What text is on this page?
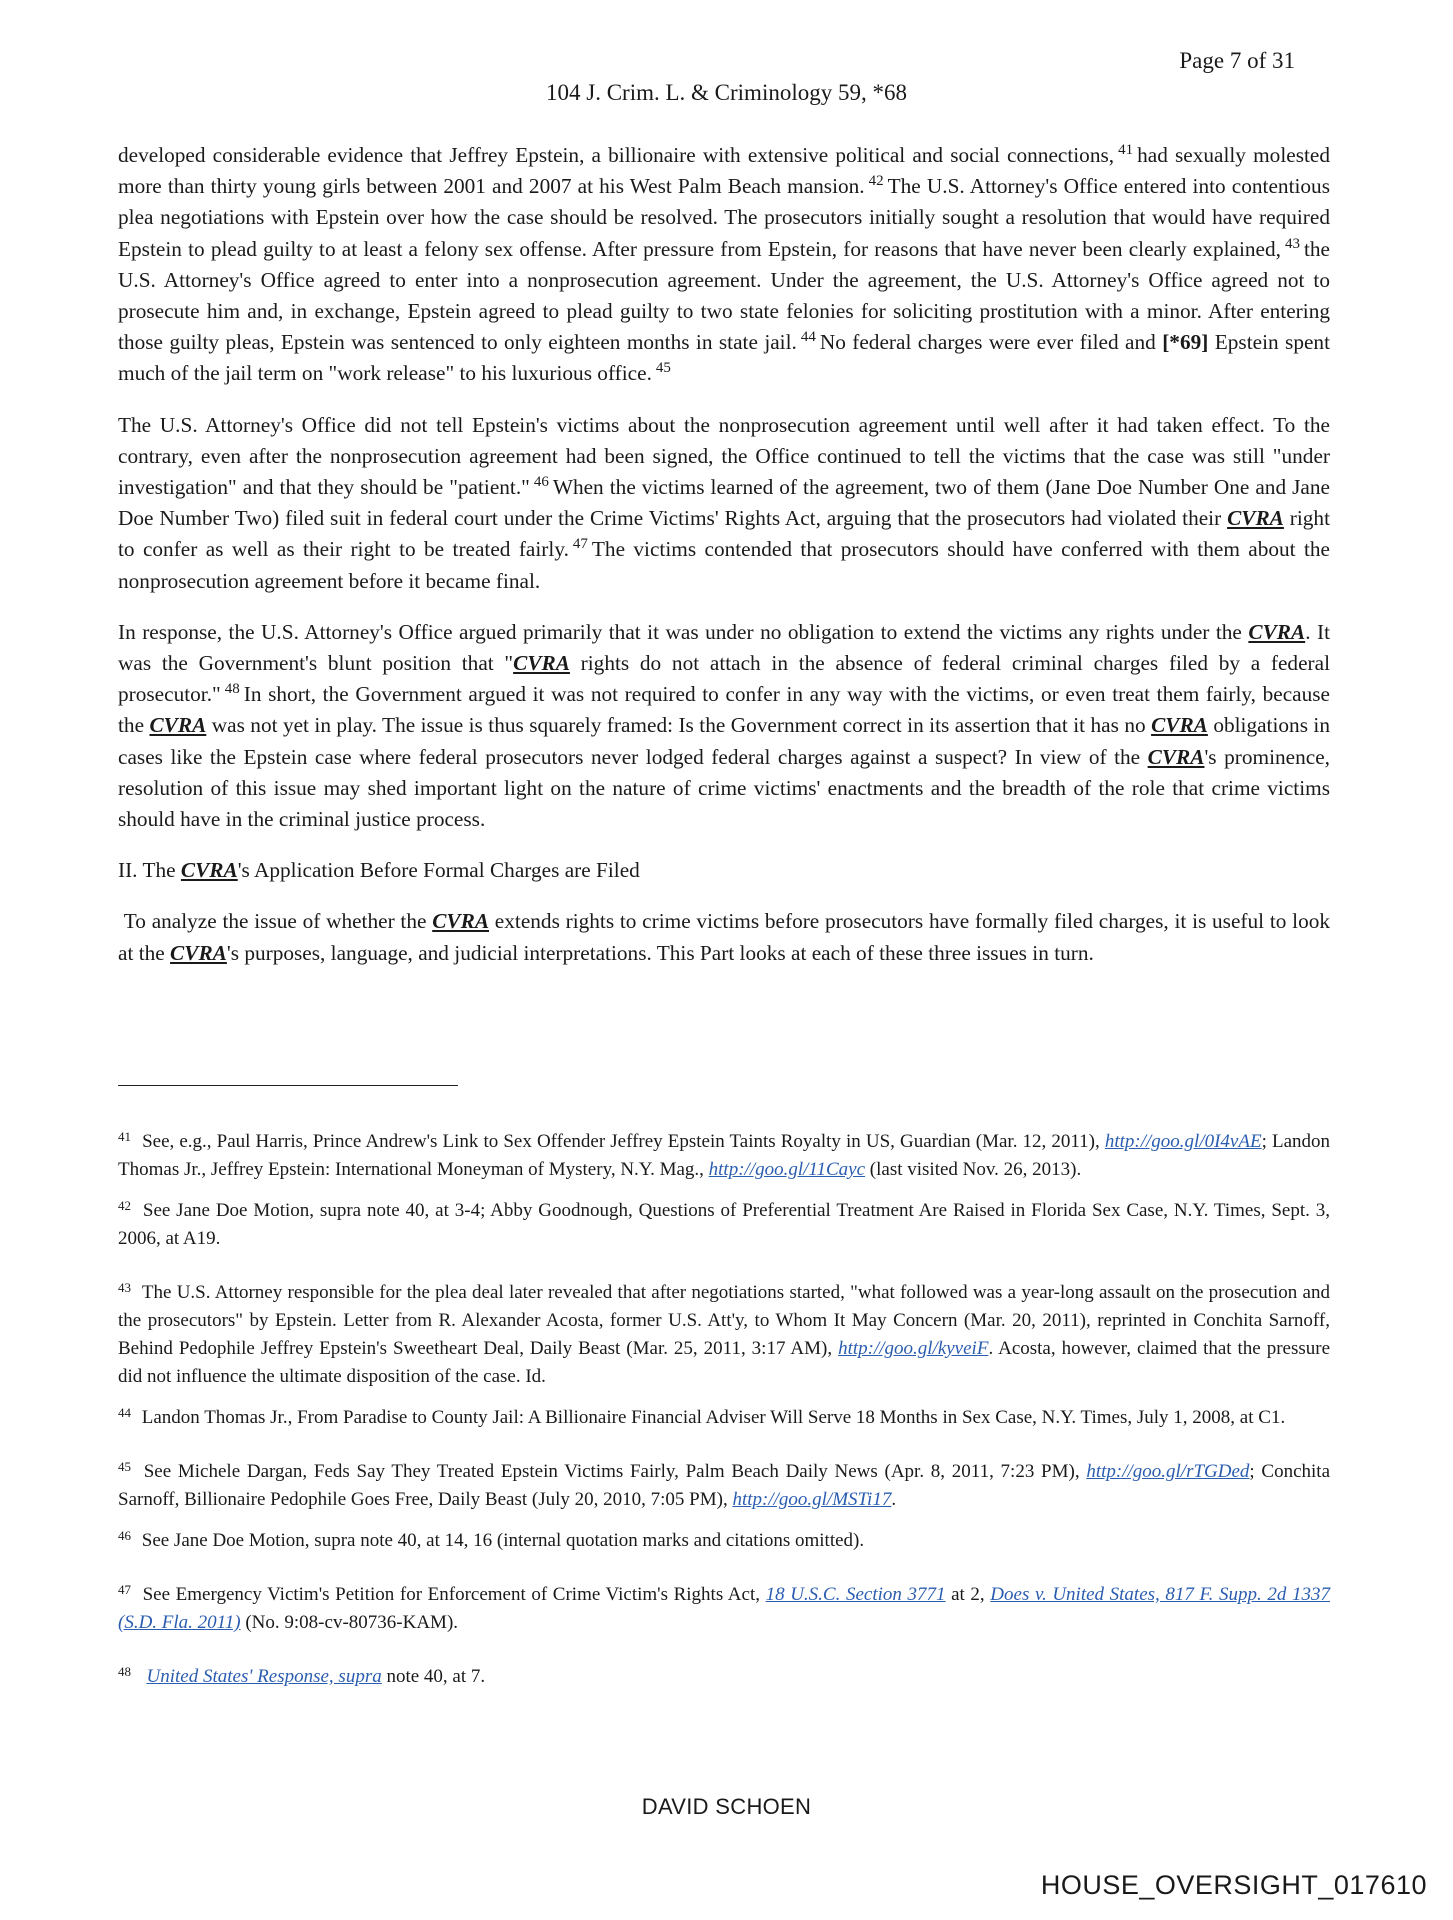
Page 7 of 31
104 J. Crim. L. & Criminology 59, *68

developed considerable evidence that Jeffrey Epstein, a billionaire with extensive political and social connections, $^{41}$ had sexually molested more than thirty young girls between 2001 and 2007 at his West Palm Beach mansion. $^{42}$ The U.S. Attorney's Office entered into contentious plea negotiations with Epstein over how the case should be resolved. The prosecutors initially sought a resolution that would have required Epstein to plead guilty to at least a felony sex offense. After pressure from Epstein, for reasons that have never been clearly explained, $^{43}$ the U.S. Attorney's Office agreed to enter into a nonprosecution agreement. Under the agreement, the U.S. Attorney's Office agreed not to prosecute him and, in exchange, Epstein agreed to plead guilty to two state felonies for soliciting prostitution with a minor. After entering those guilty pleas, Epstein was sentenced to only eighteen months in state jail. $^{44}$ No federal charges were ever filed and [*69] Epstein spent much of the jail term on "work release" to his luxurious office. $^{45}$

The U.S. Attorney's Office did not tell Epstein's victims about the nonprosecution agreement until well after it had taken effect. To the contrary, even after the nonprosecution agreement had been signed, the Office continued to tell the victims that the case was still "under investigation" and that they should be "patient." $^{46}$ When the victims learned of the agreement, two of them (Jane Doe Number One and Jane Doe Number Two) filed suit in federal court under the Crime Victims' Rights Act, arguing that the prosecutors had violated their CVRA right to confer as well as their right to be treated fairly. $^{47}$ The victims contended that prosecutors should have conferred with them about the nonprosecution agreement before it became final.

In response, the U.S. Attorney's Office argued primarily that it was under no obligation to extend the victims any rights under the CVRA. It was the Government's blunt position that "CVRA rights do not attach in the absence of federal criminal charges filed by a federal prosecutor." $^{48}$ In short, the Government argued it was not required to confer in any way with the victims, or even treat them fairly, because the CVRA was not yet in play. The issue is thus squarely framed: Is the Government correct in its assertion that it has no CVRA obligations in cases like the Epstein case where federal prosecutors never lodged federal charges against a suspect? In view of the CVRA's prominence, resolution of this issue may shed important light on the nature of crime victims' enactments and the breadth of the role that crime victims should have in the criminal justice process.

II. The CVRA's Application Before Formal Charges are Filed

To analyze the issue of whether the CVRA extends rights to crime victims before prosecutors have formally filed charges, it is useful to look at the CVRA's purposes, language, and judicial interpretations. This Part looks at each of these three issues in turn.

$^{41}$ See, e.g., Paul Harris, Prince Andrew's Link to Sex Offender Jeffrey Epstein Taints Royalty in US, Guardian (Mar. 12, 2011), http://goo.gl/0I4vAE; Landon Thomas Jr., Jeffrey Epstein: International Moneyman of Mystery, N.Y. Mag., http://goo.gl/11Cayc (last visited Nov. 26, 2013).

$^{42}$ See Jane Doe Motion, supra note 40, at 3-4; Abby Goodnough, Questions of Preferential Treatment Are Raised in Florida Sex Case, N.Y. Times, Sept. 3, 2006, at A19.

$^{43}$ The U.S. Attorney responsible for the plea deal later revealed that after negotiations started, "what followed was a year-long assault on the prosecution and the prosecutors" by Epstein. Letter from R. Alexander Acosta, former U.S. Att'y, to Whom It May Concern (Mar. 20, 2011), reprinted in Conchita Sarnoff, Behind Pedophile Jeffrey Epstein's Sweetheart Deal, Daily Beast (Mar. 25, 2011, 3:17 AM), http://goo.gl/kyveiF. Acosta, however, claimed that the pressure did not influence the ultimate disposition of the case. Id.

$^{44}$ Landon Thomas Jr., From Paradise to County Jail: A Billionaire Financial Adviser Will Serve 18 Months in Sex Case, N.Y. Times, July 1, 2008, at C1.

$^{45}$ See Michele Dargan, Feds Say They Treated Epstein Victims Fairly, Palm Beach Daily News (Apr. 8, 2011, 7:23 PM), http://goo.gl/rTGDed; Conchita Sarnoff, Billionaire Pedophile Goes Free, Daily Beast (July 20, 2010, 7:05 PM), http://goo.gl/MSTi17.

$^{46}$ See Jane Doe Motion, supra note 40, at 14, 16 (internal quotation marks and citations omitted).

$^{47}$ See Emergency Victim's Petition for Enforcement of Crime Victim's Rights Act, 18 U.S.C. Section 3771 at 2, Does v. United States, 817 F. Supp. 2d 1337 (S.D. Fla. 2011) (No. 9:08-cv-80736-KAM).

$^{48}$ United States' Response, supra note 40, at 7.

DAVID SCHOEN
HOUSE_OVERSIGHT_017610
